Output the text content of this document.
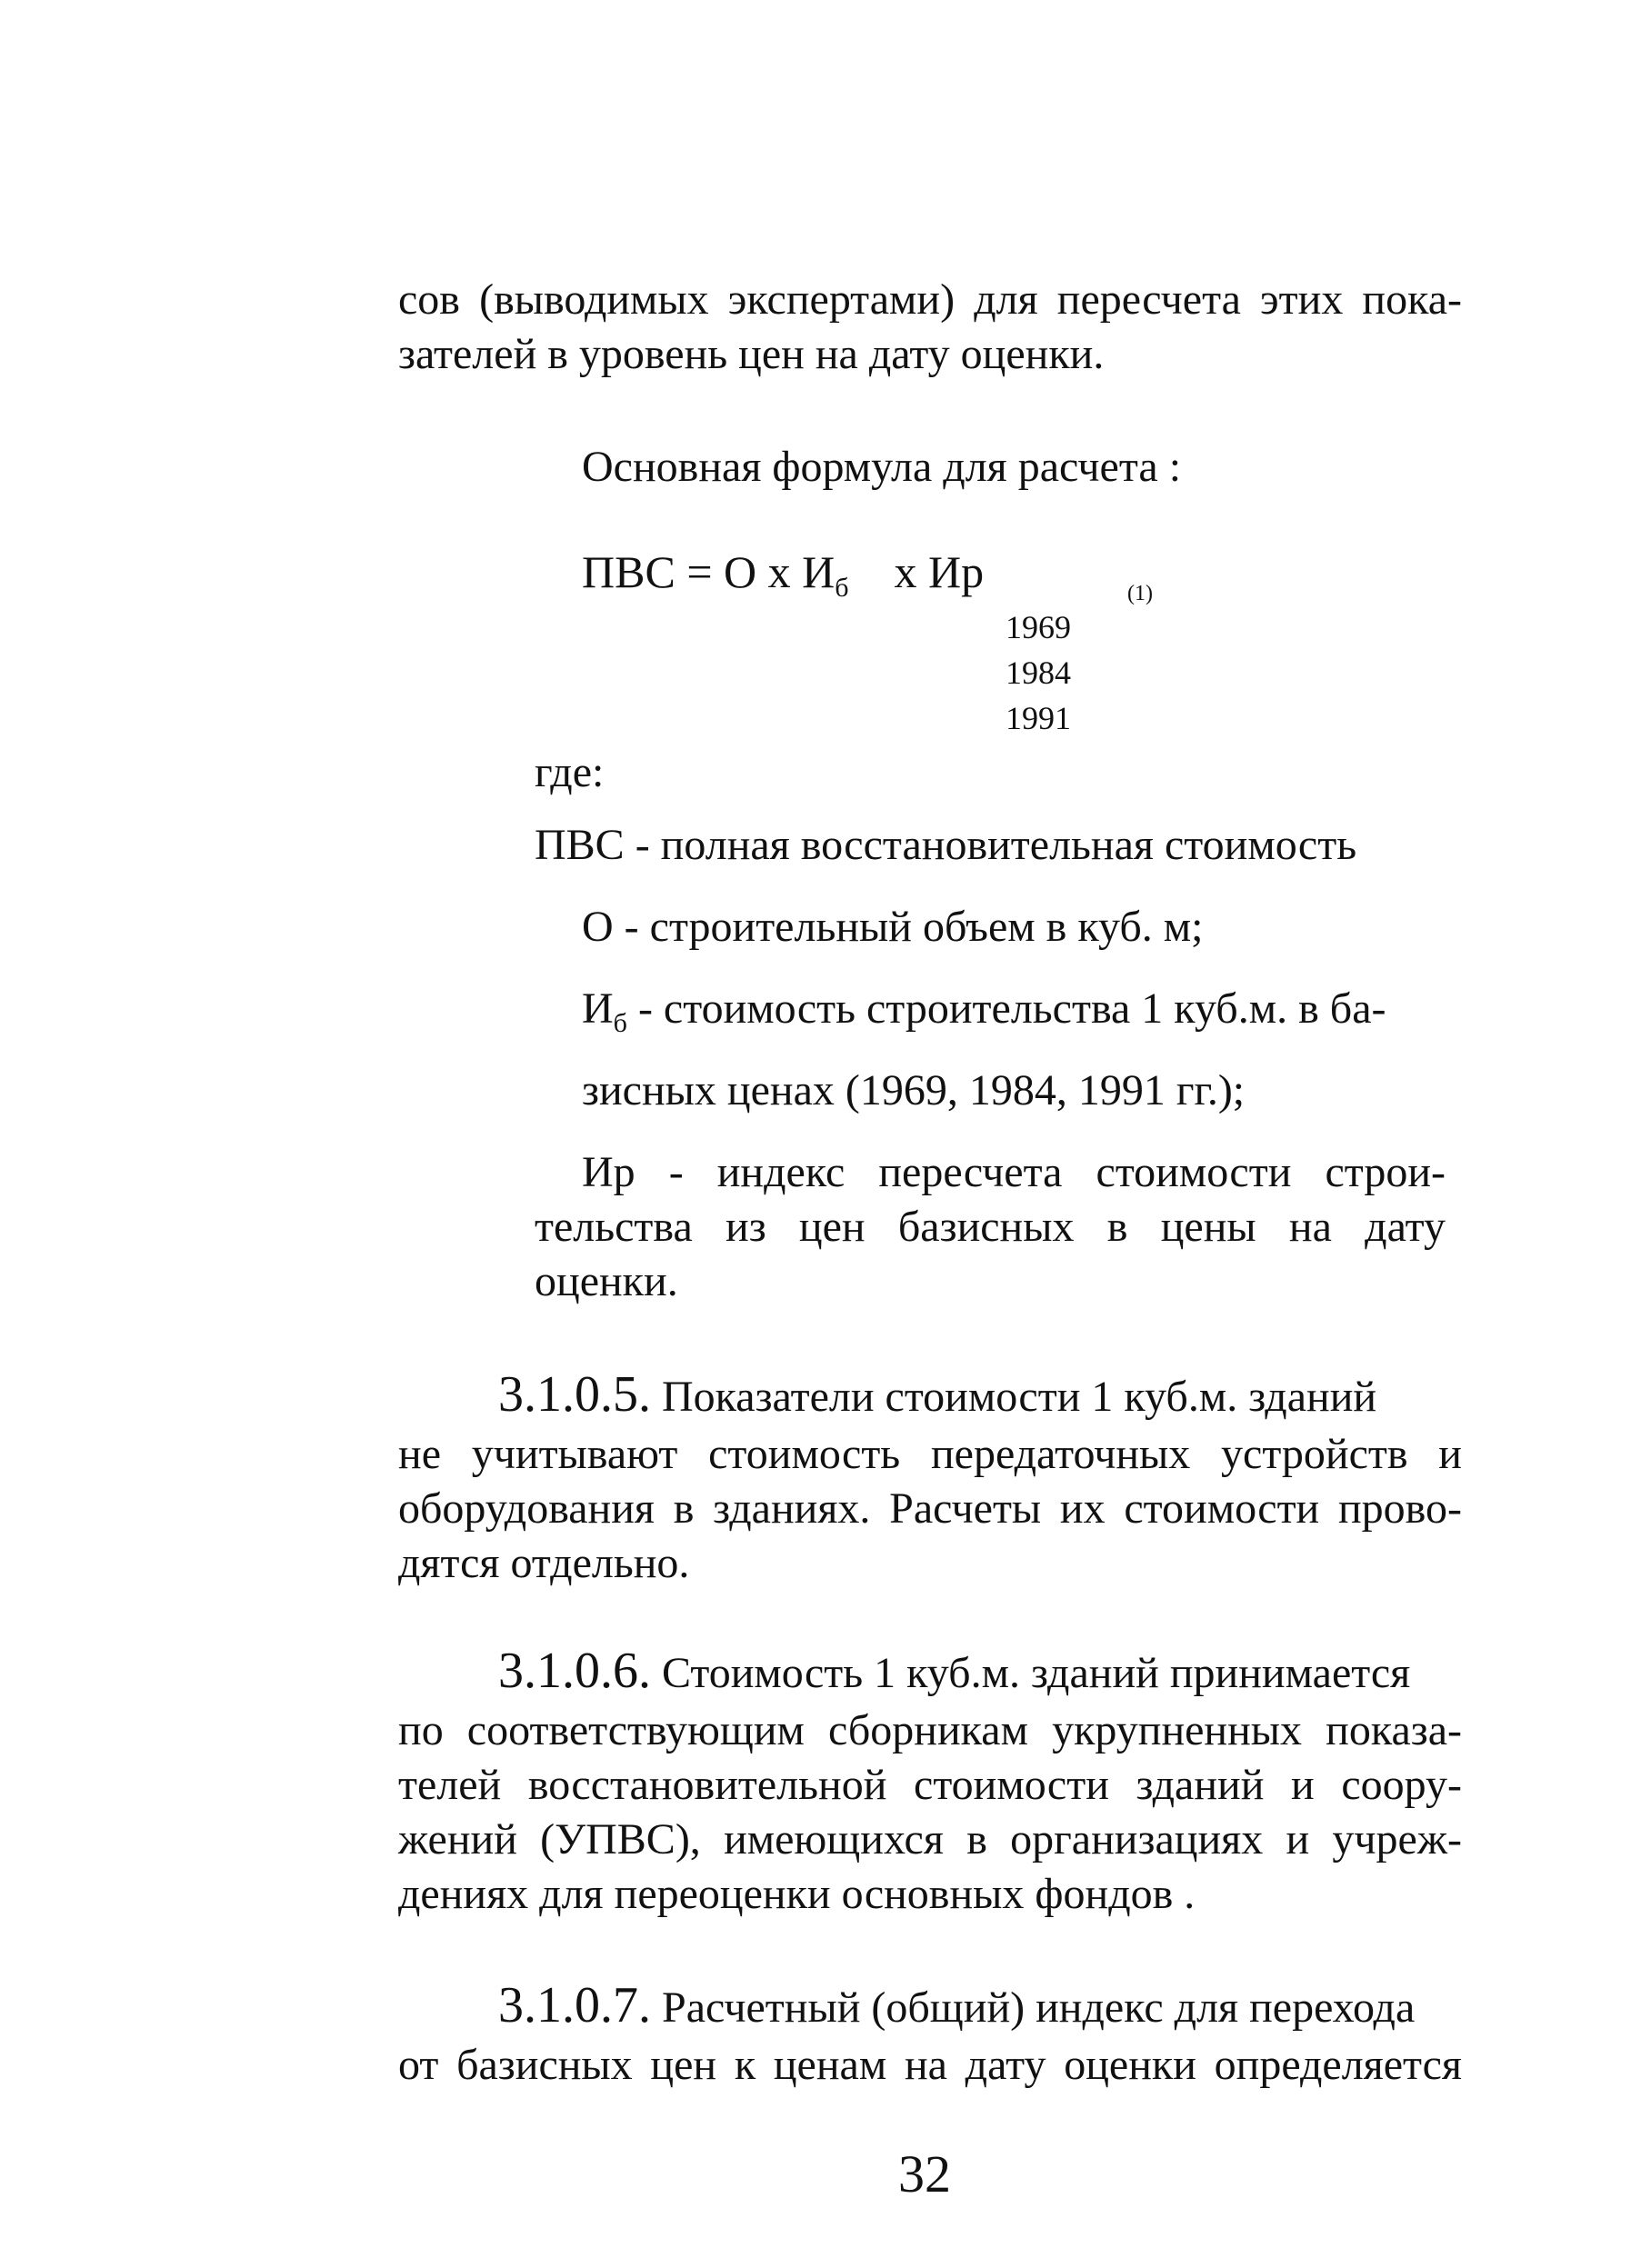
сов (выводимых экспертами) для пересчета этих пока-

зателей в уровень цен на дату оценки.

Основная формула для расчета :

ПВС = О х $И_б$ х Ир	(1)

1969

1984

1991

где:

ПВС - полная восстановительная стоимость

О - строительный объем в куб. м;

$И_б$ - стоимость строительства 1 куб.м. в ба-

зисных ценах (1969, 1984, 1991 гг.);

Ир - индекс пересчета стоимости строи-

тельства из цен базисных в цены на дату

оценки.

3.1.0.5. Показатели стоимости 1 куб.м. зданий

не учитывают стоимость передаточных устройств и

оборудования в зданиях. Расчеты их стоимости прово-

дятся отдельно.

3.1.0.6. Стоимость 1 куб.м. зданий принимается

по соответствующим сборникам укрупненных показа-

телей восстановительной стоимости зданий и соору-

жений (УПВС), имеющихся в организациях и учреж-

дениях для переоценки основных фондов .

3.1.0.7. Расчетный (общий) индекс для перехода

от базисных цен к ценам на дату оценки определяется

32
